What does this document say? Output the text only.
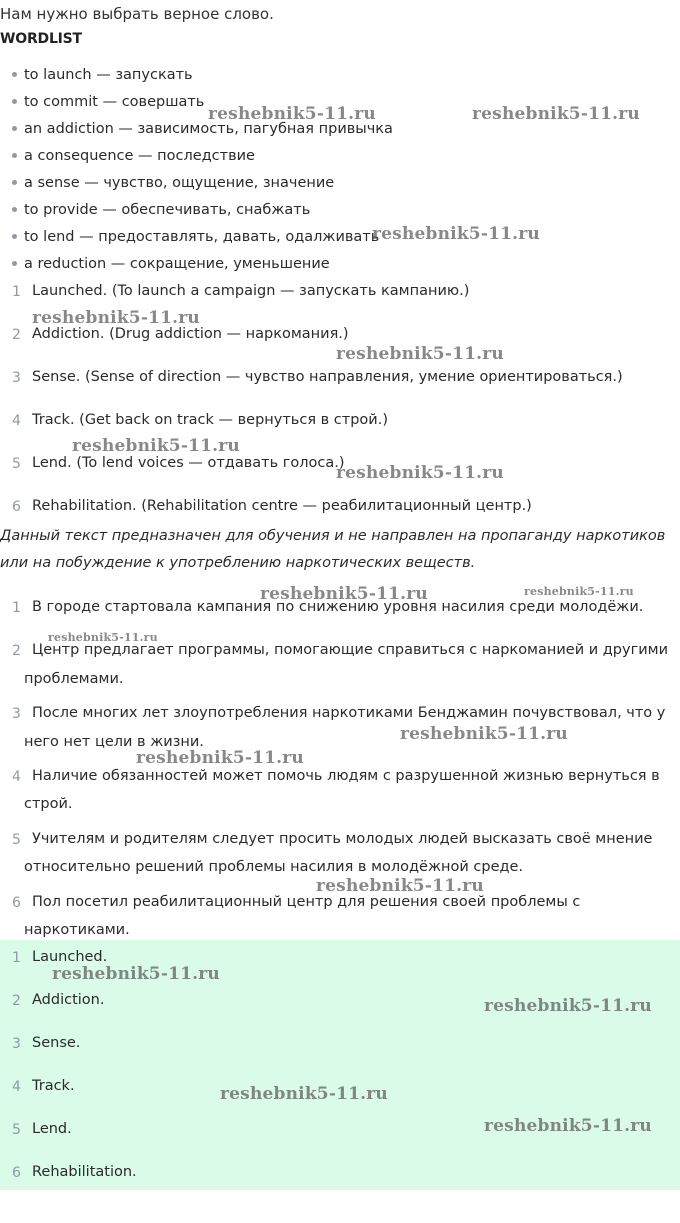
Нам нужно выбрать верное слово.
WORDLIST
to launch — запускать
to commit — совершать
an addiction — зависимость, пагубная привычка
a consequence — последствие
a sense — чувство, ощущение, значение
to provide — обеспечивать, снабжать
to lend — предоставлять, давать, одалживать
a reduction — сокращение, уменьшение
1 Launched. (To launch a campaign — запускать кампанию.)
2 Addiction. (Drug addiction — наркомания.)
3 Sense. (Sense of direction — чувство направления, умение ориентироваться.)
4 Track. (Get back on track — вернуться в строй.)
5 Lend. (To lend voices — отдавать голоса.)
6 Rehabilitation. (Rehabilitation centre — реабилитационный центр.)
Данный текст предназначен для обучения и не направлен на пропаганду наркотиков
или на побуждение к употреблению наркотических веществ.
1 В городе стартовала кампания по снижению уровня насилия среди молодёжи.
2 Центр предлагает программы, помогающие справиться с наркоманией и другими
проблемами.
3 После многих лет злоупотребления наркотиками Бенджамин почувствовал, что у
него нет цели в жизни.
4 Наличие обязанностей может помочь людям с разрушенной жизнью вернуться в
строй.
5 Учителям и родителям следует просить молодых людей высказать своё мнение
относительно решений проблемы насилия в молодёжной среде.
6 Пол посетил реабилитационный центр для решения своей проблемы с
наркотиками.
1 Launched.
2 Addiction.
3 Sense.
4 Track.
5 Lend.
6 Rehabilitation.
reshebnik5-11.ru	reshebnik5-11.ru
reshebnik5-11.ru
reshebnik5-11.ru
reshebnik5-11.ru
reshebnik5-11.ru
reshebnik5-11.ru
reshebnik5-11.ru	reshebnik5-11.ru
reshebnik5-11.ru
reshebnik5-11.ru
reshebnik5-11.ru
reshebnik5-11.ru
reshebnik5-11.ru
reshebnik5-11.ru
reshebnik5-11.ru
reshebnik5-11.ru
